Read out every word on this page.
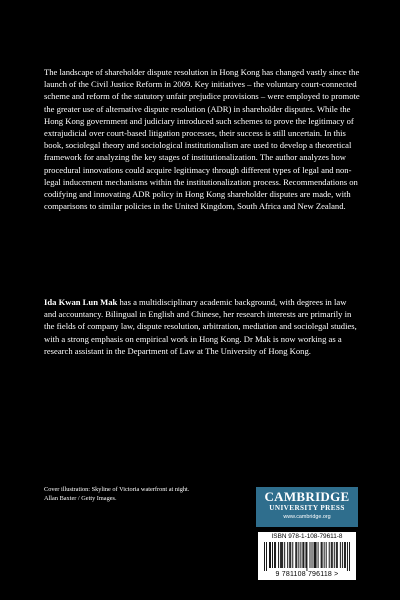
The landscape of shareholder dispute resolution in Hong Kong has changed vastly since the launch of the Civil Justice Reform in 2009. Key initiatives – the voluntary court-connected scheme and reform of the statutory unfair prejudice provisions – were employed to promote the greater use of alternative dispute resolution (ADR) in shareholder disputes. While the Hong Kong government and judiciary introduced such schemes to prove the legitimacy of extrajudicial over court-based litigation processes, their success is still uncertain. In this book, sociolegal theory and sociological institutionalism are used to develop a theoretical framework for analyzing the key stages of institutionalization. The author analyzes how procedural innovations could acquire legitimacy through different types of legal and non-legal inducement mechanisms within the institutionalization process. Recommendations on codifying and innovating ADR policy in Hong Kong shareholder disputes are made, with comparisons to similar policies in the United Kingdom, South Africa and New Zealand.

Ida Kwan Lun Mak has a multidisciplinary academic background, with degrees in law and accountancy. Bilingual in English and Chinese, her research interests are primarily in the fields of company law, dispute resolution, arbitration, mediation and sociolegal studies, with a strong emphasis on empirical work in Hong Kong. Dr Mak is now working as a research assistant in the Department of Law at The University of Hong Kong.

Cover illustration: Skyline of Victoria waterfront at night. Allan Baxter / Getty Images.	CAMBRIDGE
UNIVERSITY PRESS
www.cambridge.org
ISBN 978-1-108-79611-8
9 781108 796118 >
